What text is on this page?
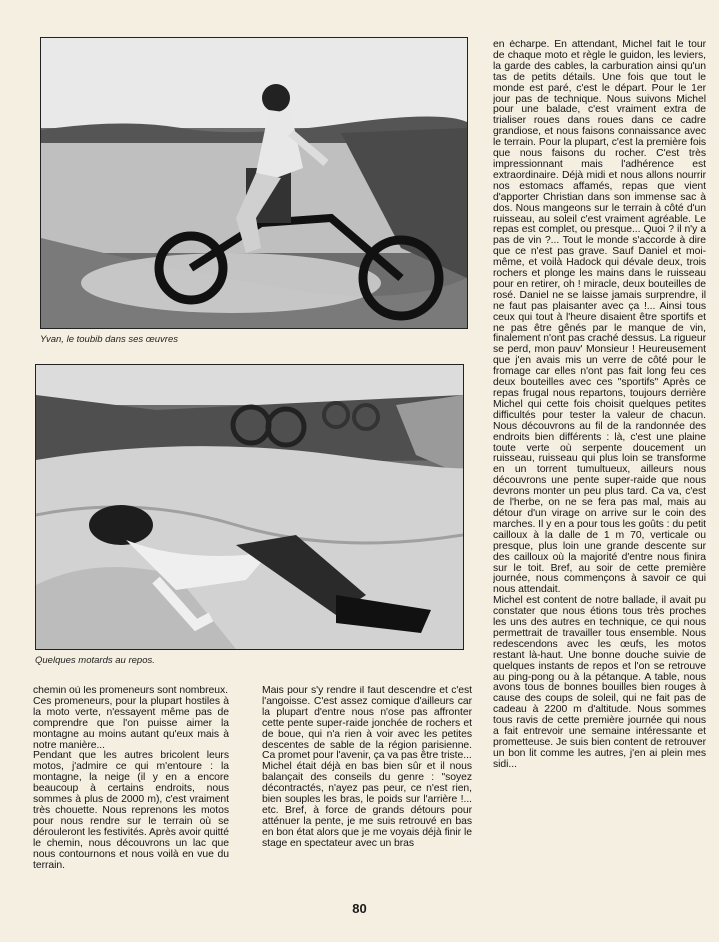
Yvan, le toubib dans ses œuvres

Quelques motards au repos.

en écharpe. En attendant, Michel fait le tour de chaque moto et règle le guidon, les leviers, la garde des cables, la carburation ainsi qu'un tas de petits détails. Une fois que tout le monde est paré, c'est le départ. Pour le 1er jour pas de technique. Nous suivons Michel pour une balade, c'est vraiment extra de trialiser roues dans roues dans ce cadre grandiose, et nous faisons connaissance avec le terrain. Pour la plupart, c'est la première fois que nous faisons du rocher. C'est très impressionnant mais l'adhérence est extraordinaire. Déjà midi et nous allons nourrir nos estomacs affamés, repas que vient d'apporter Christian dans son immense sac à dos. Nous mangeons sur le terrain à côté d'un ruisseau, au soleil c'est vraiment agréable. Le repas est complet, ou presque... Quoi ? il n'y a pas de vin ?... Tout le monde s'accorde à dire que ce n'est pas grave. Sauf Daniel et moi-même, et voilà Hadock qui dévale deux, trois rochers et plonge les mains dans le ruisseau pour en retirer, oh ! miracle, deux bouteilles de rosé. Daniel ne se laisse jamais surprendre, il ne faut pas plaisanter avec ça !... Ainsi tous ceux qui tout à l'heure disaient être sportifs et ne pas être gênés par le manque de vin, finalement n'ont pas craché dessus. La rigueur se perd, mon pauv' Monsieur ! Heureusement que j'en avais mis un verre de côté pour le fromage car elles n'ont pas fait long feu ces deux bouteilles avec ces "sportifs" Après ce repas frugal nous repartons, toujours derrière Michel qui cette fois choisit quelques petites difficultés pour tester la valeur de chacun. Nous découvrons au fil de la randonnée des endroits bien différents : là, c'est une plaine toute verte où serpente doucement un ruisseau, ruisseau qui plus loin se transforme en un torrent tumultueux, ailleurs nous découvrons une pente super-raide que nous devrons monter un peu plus tard. Ca va, c'est de l'herbe, on ne se fera pas mal, mais au détour d'un virage on arrive sur le coin des marches. Il y en a pour tous les goûts : du petit cailloux à la dalle de 1 m 70, verticale ou presque, plus loin une grande descente sur des cailloux où la majorité d'entre nous finira sur le toit. Bref, au soir de cette première journée, nous commençons à savoir ce qui nous attendait.
Michel est content de notre ballade, il avait pu constater que nous étions tous très proches les uns des autres en technique, ce qui nous permettrait de travailler tous ensemble. Nous redescendons avec les œufs, les motos restant là-haut. Une bonne douche suivie de quelques instants de repos et l'on se retrouve au ping-pong ou à la pétanque. A table, nous avons tous de bonnes bouilles bien rouges à cause des coups de soleil, qui ne fait pas de cadeau à 2200 m d'altitude. Nous sommes tous ravis de cette première journée qui nous a fait entrevoir une semaine intéressante et prometteuse. Je suis bien content de retrouver un bon lit comme les autres, j'en ai plein mes sidi...

chemin où les promeneurs sont nombreux.
Ces promeneurs, pour la plupart hostiles à la moto verte, n'essayent même pas de comprendre que l'on puisse aimer la montagne au moins autant qu'eux mais à notre manière...
Pendant que les autres bricolent leurs motos, j'admire ce qui m'entoure : la montagne, la neige (il y en a encore beaucoup à certains endroits, nous sommes à plus de 2000 m), c'est vraiment très chouette. Nous reprenons les motos pour nous rendre sur le terrain où se dérouleront les festivités. Après avoir quitté le chemin, nous découvrons un lac que nous contournons et nous voilà en vue du terrain.

Mais pour s'y rendre il faut descendre et c'est l'angoisse. C'est assez comique d'ailleurs car la plupart d'entre nous n'ose pas affronter cette pente super-raide jonchée de rochers et de boue, qui n'a rien à voir avec les petites descentes de sable de la région parisienne. Ca promet pour l'avenir, ça va pas être triste...
Michel était déjà en bas bien sûr et il nous balançait des conseils du genre : "soyez décontractés, n'ayez pas peur, ce n'est rien, bien souples les bras, le poids sur l'arrière !... etc. Bref, à force de grands détours pour atténuer la pente, je me suis retrouvé en bas en bon état alors que je me voyais déjà finir le stage en spectateur avec un bras

80
